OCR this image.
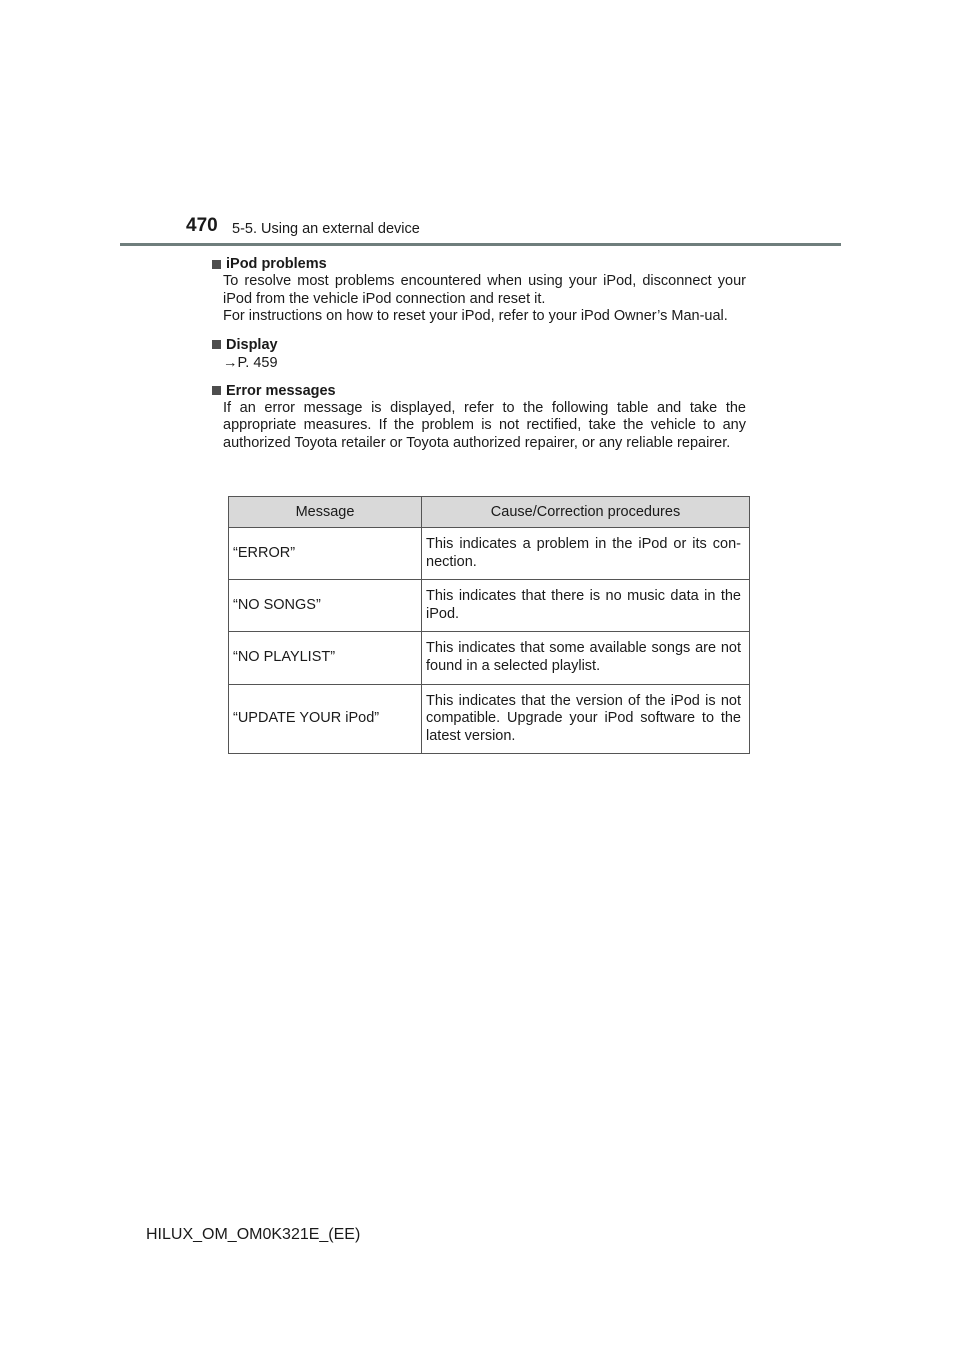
470 5-5. Using an external device
iPod problems
To resolve most problems encountered when using your iPod, disconnect your iPod from the vehicle iPod connection and reset it.
For instructions on how to reset your iPod, refer to your iPod Owner’s Man-ual.
Display
→P. 459
Error messages
If an error message is displayed, refer to the following table and take the appropriate measures. If the problem is not rectified, take the vehicle to any authorized Toyota retailer or Toyota authorized repairer, or any reliable repairer.
Message	Cause/Correction procedures
“ERROR”	This indicates a problem in the iPod or its con-nection.
“NO SONGS”	This indicates that there is no music data in the iPod.
“NO PLAYLIST”	This indicates that some available songs are not found in a selected playlist.
“UPDATE YOUR iPod”	This indicates that the version of the iPod is not compatible. Upgrade your iPod software to the latest version.
HILUX_OM_OM0K321E_(EE)
